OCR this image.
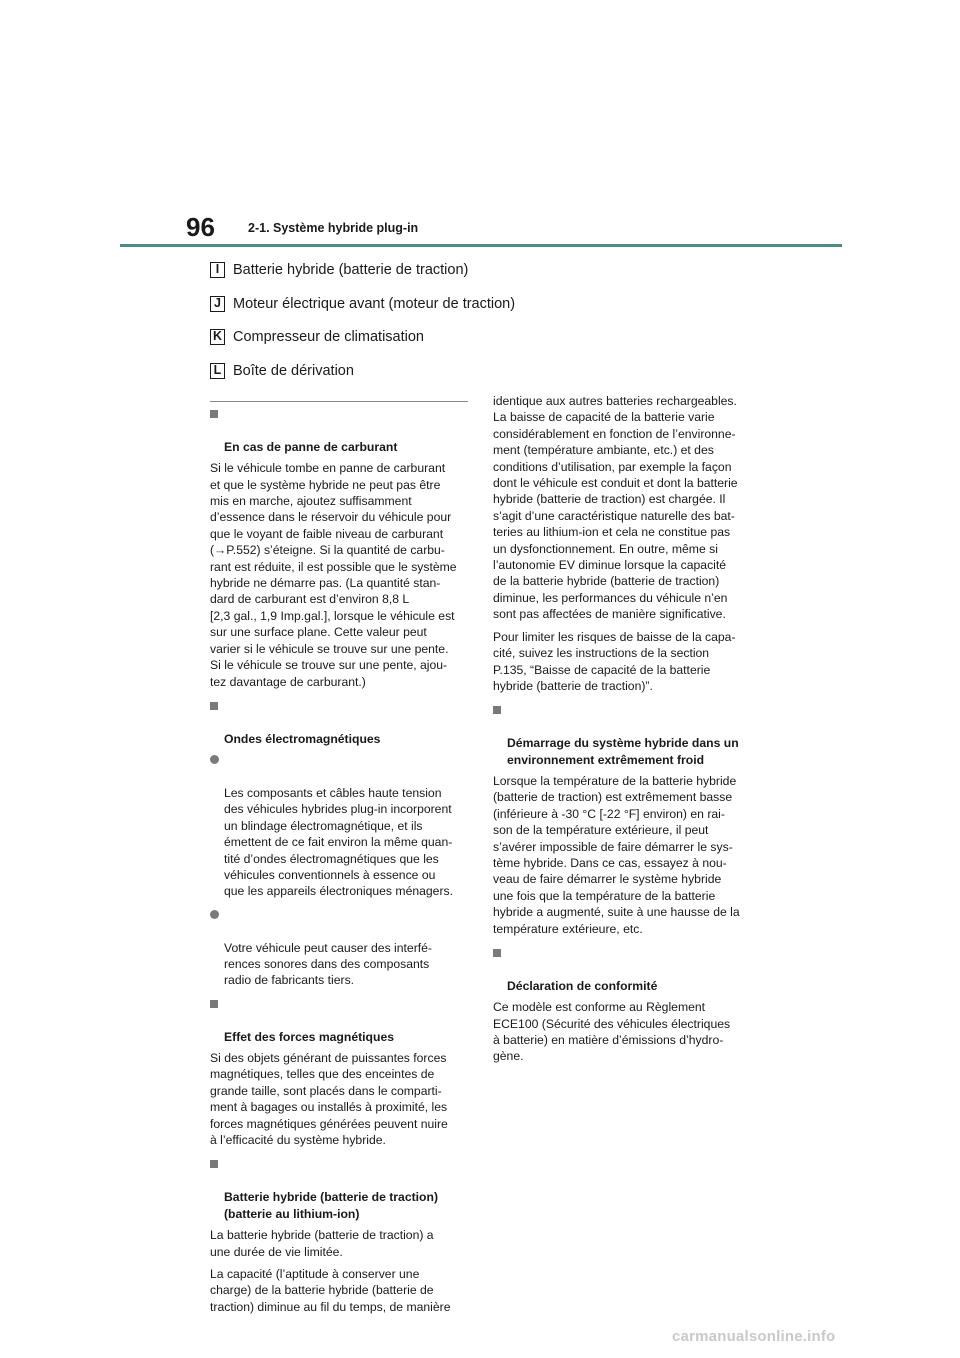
96	2-1. Système hybride plug-in
I Batterie hybride (batterie de traction)
J Moteur électrique avant (moteur de traction)
K Compresseur de climatisation
L Boîte de dérivation

En cas de panne de carburant

Si le véhicule tombe en panne de carburant
et que le système hybride ne peut pas être
mis en marche, ajoutez suffisamment
d’essence dans le réservoir du véhicule pour
que le voyant de faible niveau de carburant
(→P.552) s’éteigne. Si la quantité de carbu-
rant est réduite, il est possible que le système
hybride ne démarre pas. (La quantité stan-
dard de carburant est d’environ 8,8 L
[2,3 gal., 1,9 Imp.gal.], lorsque le véhicule est
sur une surface plane. Cette valeur peut
varier si le véhicule se trouve sur une pente.
Si le véhicule se trouve sur une pente, ajou-
tez davantage de carburant.)

Ondes électromagnétiques

Les composants et câbles haute tension
des véhicules hybrides plug-in incorporent
un blindage électromagnétique, et ils
émettent de ce fait environ la même quan-
tité d’ondes électromagnétiques que les
véhicules conventionnels à essence ou
que les appareils électroniques ménagers.

Votre véhicule peut causer des interfé-
rences sonores dans des composants
radio de fabricants tiers.

Effet des forces magnétiques

Si des objets générant de puissantes forces
magnétiques, telles que des enceintes de
grande taille, sont placés dans le comparti-
ment à bagages ou installés à proximité, les
forces magnétiques générées peuvent nuire
à l’efficacité du système hybride.

Batterie hybride (batterie de traction)
(batterie au lithium-ion)

La batterie hybride (batterie de traction) a
une durée de vie limitée.

La capacité (l’aptitude à conserver une
charge) de la batterie hybride (batterie de
traction) diminue au fil du temps, de manière

identique aux autres batteries rechargeables.
La baisse de capacité de la batterie varie
considérablement en fonction de l’environne-
ment (température ambiante, etc.) et des
conditions d’utilisation, par exemple la façon
dont le véhicule est conduit et dont la batterie
hybride (batterie de traction) est chargée. Il
s’agit d’une caractéristique naturelle des bat-
teries au lithium-ion et cela ne constitue pas
un dysfonctionnement. En outre, même si
l’autonomie EV diminue lorsque la capacité
de la batterie hybride (batterie de traction)
diminue, les performances du véhicule n’en
sont pas affectées de manière significative.

Pour limiter les risques de baisse de la capa-
cité, suivez les instructions de la section
P.135, “Baisse de capacité de la batterie
hybride (batterie de traction)”.

Démarrage du système hybride dans un
environnement extrêmement froid

Lorsque la température de la batterie hybride
(batterie de traction) est extrêmement basse
(inférieure à -30 °C [-22 °F] environ) en rai-
son de la température extérieure, il peut
s’avérer impossible de faire démarrer le sys-
tème hybride. Dans ce cas, essayez à nou-
veau de faire démarrer le système hybride
une fois que la température de la batterie
hybride a augmenté, suite à une hausse de la
température extérieure, etc.

Déclaration de conformité

Ce modèle est conforme au Règlement
ECE100 (Sécurité des véhicules électriques
à batterie) en matière d’émissions d’hydro-
gène.

carmanualsonline.info
